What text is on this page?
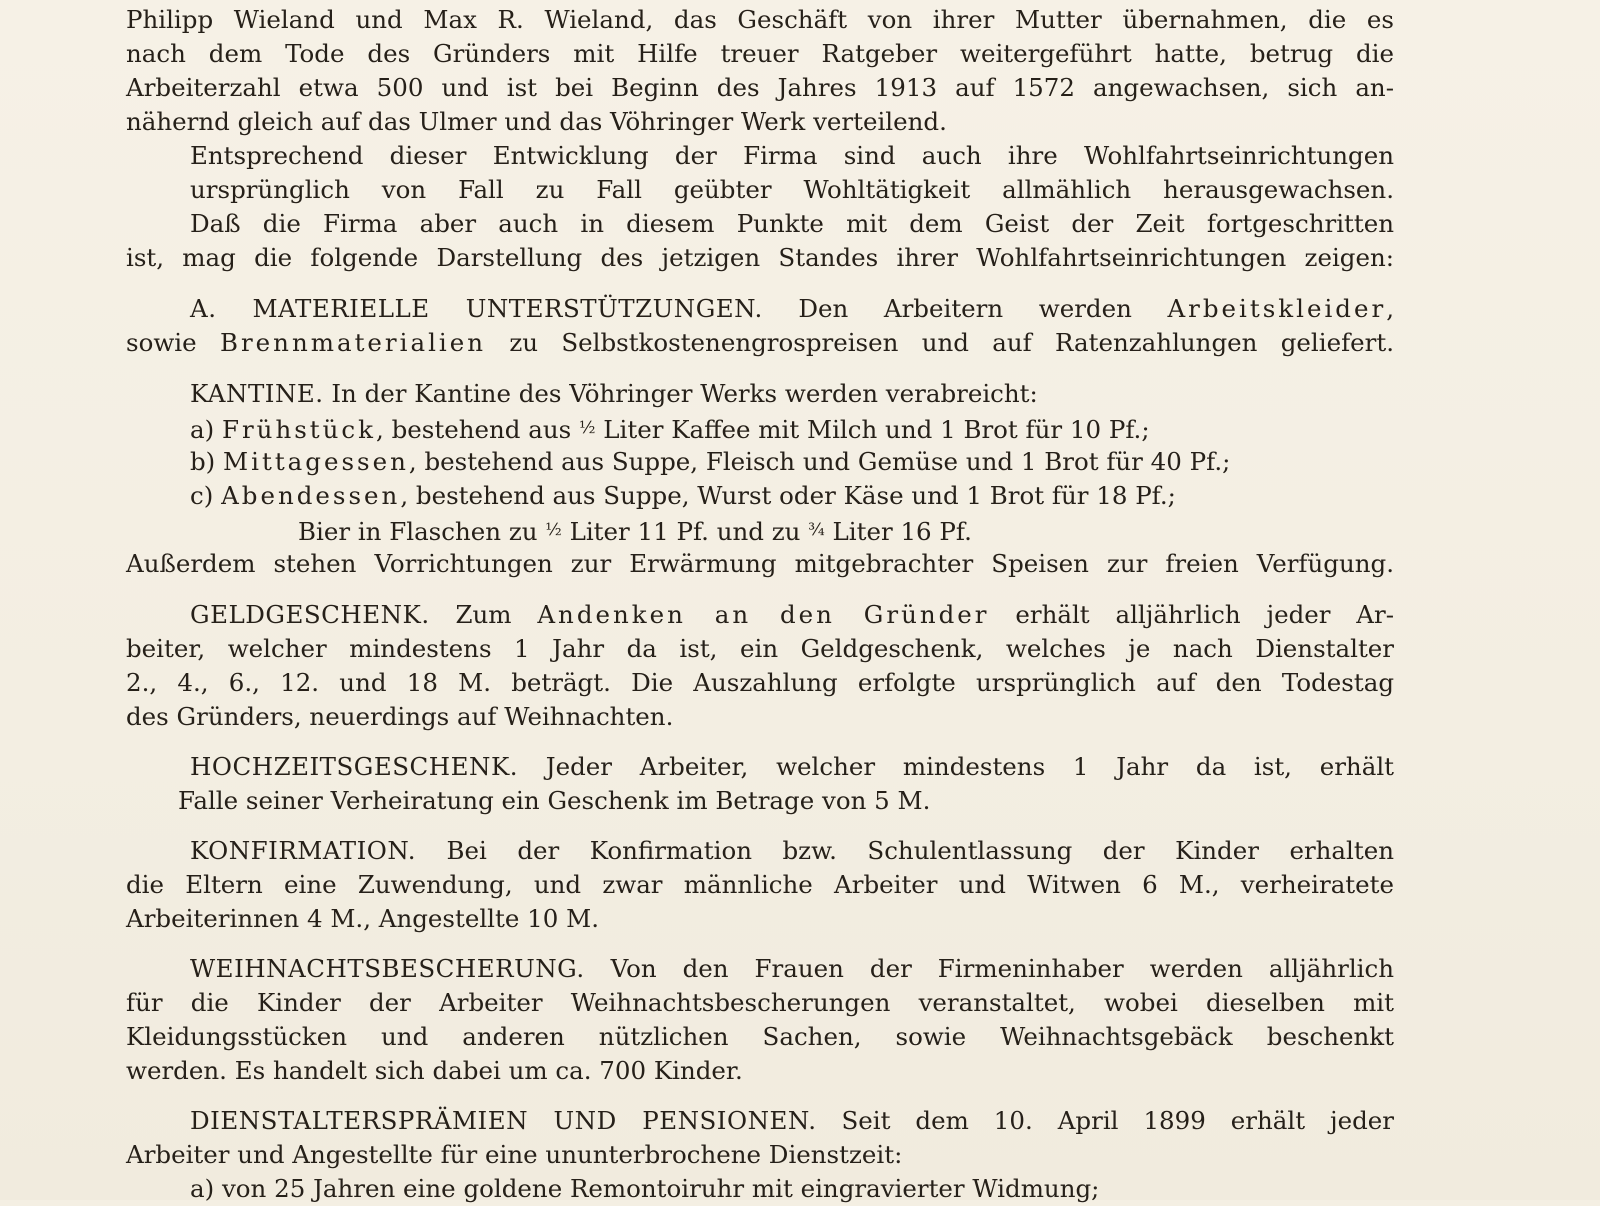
Philipp Wieland und Max R. Wieland, das Geschäft von ihrer Mutter übernahmen, die es
nach dem Tode des Gründers mit Hilfe treuer Ratgeber weitergeführt hatte, betrug die
Arbeiterzahl etwa 500 und ist bei Beginn des Jahres 1913 auf 1572 angewachsen, sich an-
nähernd gleich auf das Ulmer und das Vöhringer Werk verteilend.
Entsprechend dieser Entwicklung der Firma sind auch ihre Wohlfahrtseinrichtungen
ursprünglich von Fall zu Fall geübter Wohltätigkeit allmählich herausgewachsen.
Daß die Firma aber auch in diesem Punkte mit dem Geist der Zeit fortgeschritten
ist, mag die folgende Darstellung des jetzigen Standes ihrer Wohlfahrtseinrichtungen zeigen:
A. MATERIELLE UNTERSTÜTZUNGEN. Den Arbeitern werden Arbeitskleider,
sowie Brennmaterialien zu Selbstkostenengrospreisen und auf Ratenzahlungen geliefert.
KANTINE. In der Kantine des Vöhringer Werks werden verabreicht:
a) Frühstück, bestehend aus $^{\frac{1}{2}}$ Liter Kaffee mit Milch und 1 Brot für 10 Pf.;
b) Mittagessen, bestehend aus Suppe, Fleisch und Gemüse und 1 Brot für 40 Pf.;
c) Abendessen, bestehend aus Suppe, Wurst oder Käse und 1 Brot für 18 Pf.;
Bier in Flaschen zu $^{\frac{1}{2}}$ Liter 11 Pf. und zu $^{\frac{3}{4}}$ Liter 16 Pf.
Außerdem stehen Vorrichtungen zur Erwärmung mitgebrachter Speisen zur freien Verfügung.
GELDGESCHENK. Zum Andenken an den Gründer erhält alljährlich jeder Ar-
beiter, welcher mindestens 1 Jahr da ist, ein Geldgeschenk, welches je nach Dienstalter
2., 4., 6., 12. und 18 M. beträgt. Die Auszahlung erfolgte ursprünglich auf den Todestag
des Gründers, neuerdings auf Weihnachten.
HOCHZEITSGESCHENK. Jeder Arbeiter, welcher mindestens 1 Jahr da ist, erhält
Falle seiner Verheiratung ein Geschenk im Betrage von 5 M.
KONFIRMATION. Bei der Konfirmation bzw. Schulentlassung der Kinder erhalten
die Eltern eine Zuwendung, und zwar männliche Arbeiter und Witwen 6 M., verheiratete
Arbeiterinnen 4 M., Angestellte 10 M.
WEIHNACHTSBESCHERUNG. Von den Frauen der Firmeninhaber werden alljährlich
für die Kinder der Arbeiter Weihnachtsbescherungen veranstaltet, wobei dieselben mit
Kleidungsstücken und anderen nützlichen Sachen, sowie Weihnachtsgebäck beschenkt
werden. Es handelt sich dabei um ca. 700 Kinder.
DIENSTALTERSPRÄMIEN UND PENSIONEN. Seit dem 10. April 1899 erhält jeder
Arbeiter und Angestellte für eine ununterbrochene Dienstzeit:
a) von 25 Jahren eine goldene Remontoiruhr mit eingravierter Widmung;
